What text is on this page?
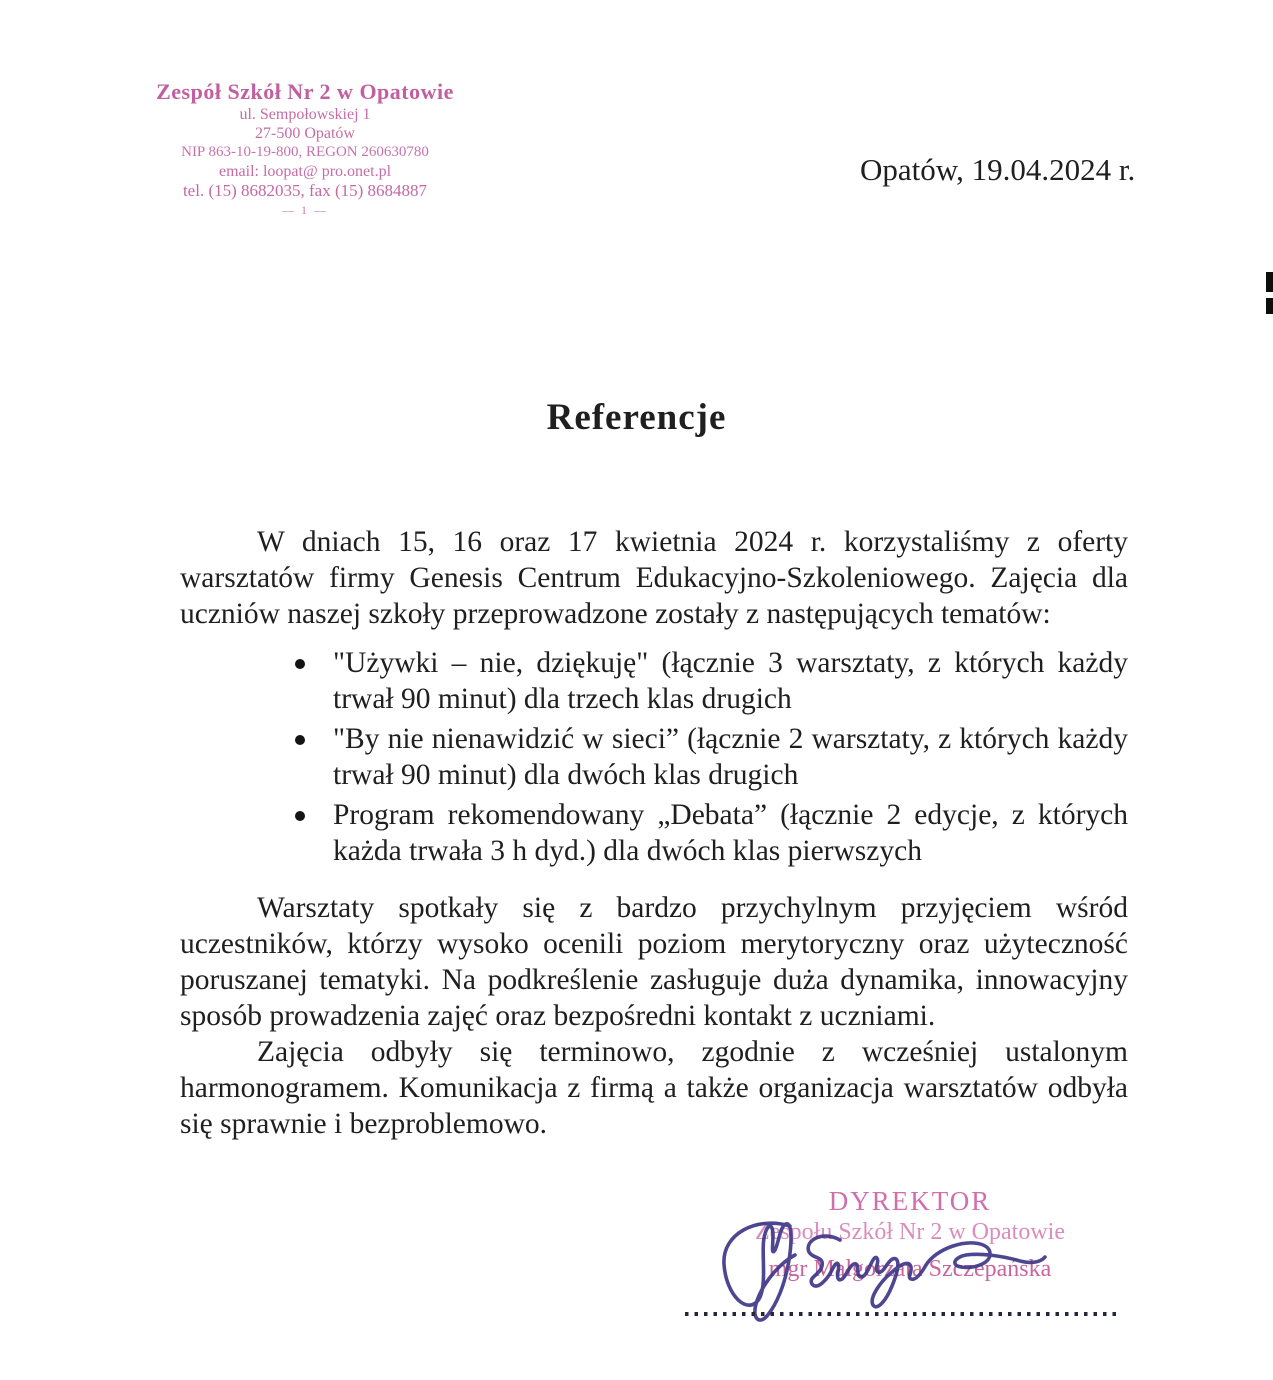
Zespół Szkół Nr 2 w Opatowie
ul. Sempołowskiej 1
27-500 Opatów
NIP 863-10-19-800, REGON 260630780
email: loopat@ pro.onet.pl
tel. (15) 8682035, fax (15) 8684887
— 1 —
Opatów, 19.04.2024 r.
Referencje

W dniach 15, 16 oraz 17 kwietnia 2024 r. korzystaliśmy z oferty warsztatów firmy Genesis Centrum Edukacyjno-Szkoleniowego. Zajęcia dla uczniów naszej szkoły przeprowadzone zostały z następujących tematów:

"Używki – nie, dziękuję" (łącznie 3 warsztaty, z których każdy trwał 90 minut) dla trzech klas drugich
"By nie nienawidzić w sieci” (łącznie 2 warsztaty, z których każdy trwał 90 minut) dla dwóch klas drugich
Program rekomendowany „Debata” (łącznie 2 edycje, z których każda trwała 3 h dyd.) dla dwóch klas pierwszych

Warsztaty spotkały się z bardzo przychylnym przyjęciem wśród uczestników, którzy wysoko ocenili poziom merytoryczny oraz użyteczność poruszanej tematyki. Na podkreślenie zasługuje duża dynamika, innowacyjny sposób prowadzenia zajęć oraz bezpośredni kontakt z uczniami.

Zajęcia odbyły się terminowo, zgodnie z wcześniej ustalonym harmonogramem. Komunikacja z firmą a także organizacja warsztatów odbyła się sprawnie i bezproblemowo.

DYREKTOR
Zespołu Szkół Nr 2 w Opatowie
mgr Małgorzata Szczepańska
